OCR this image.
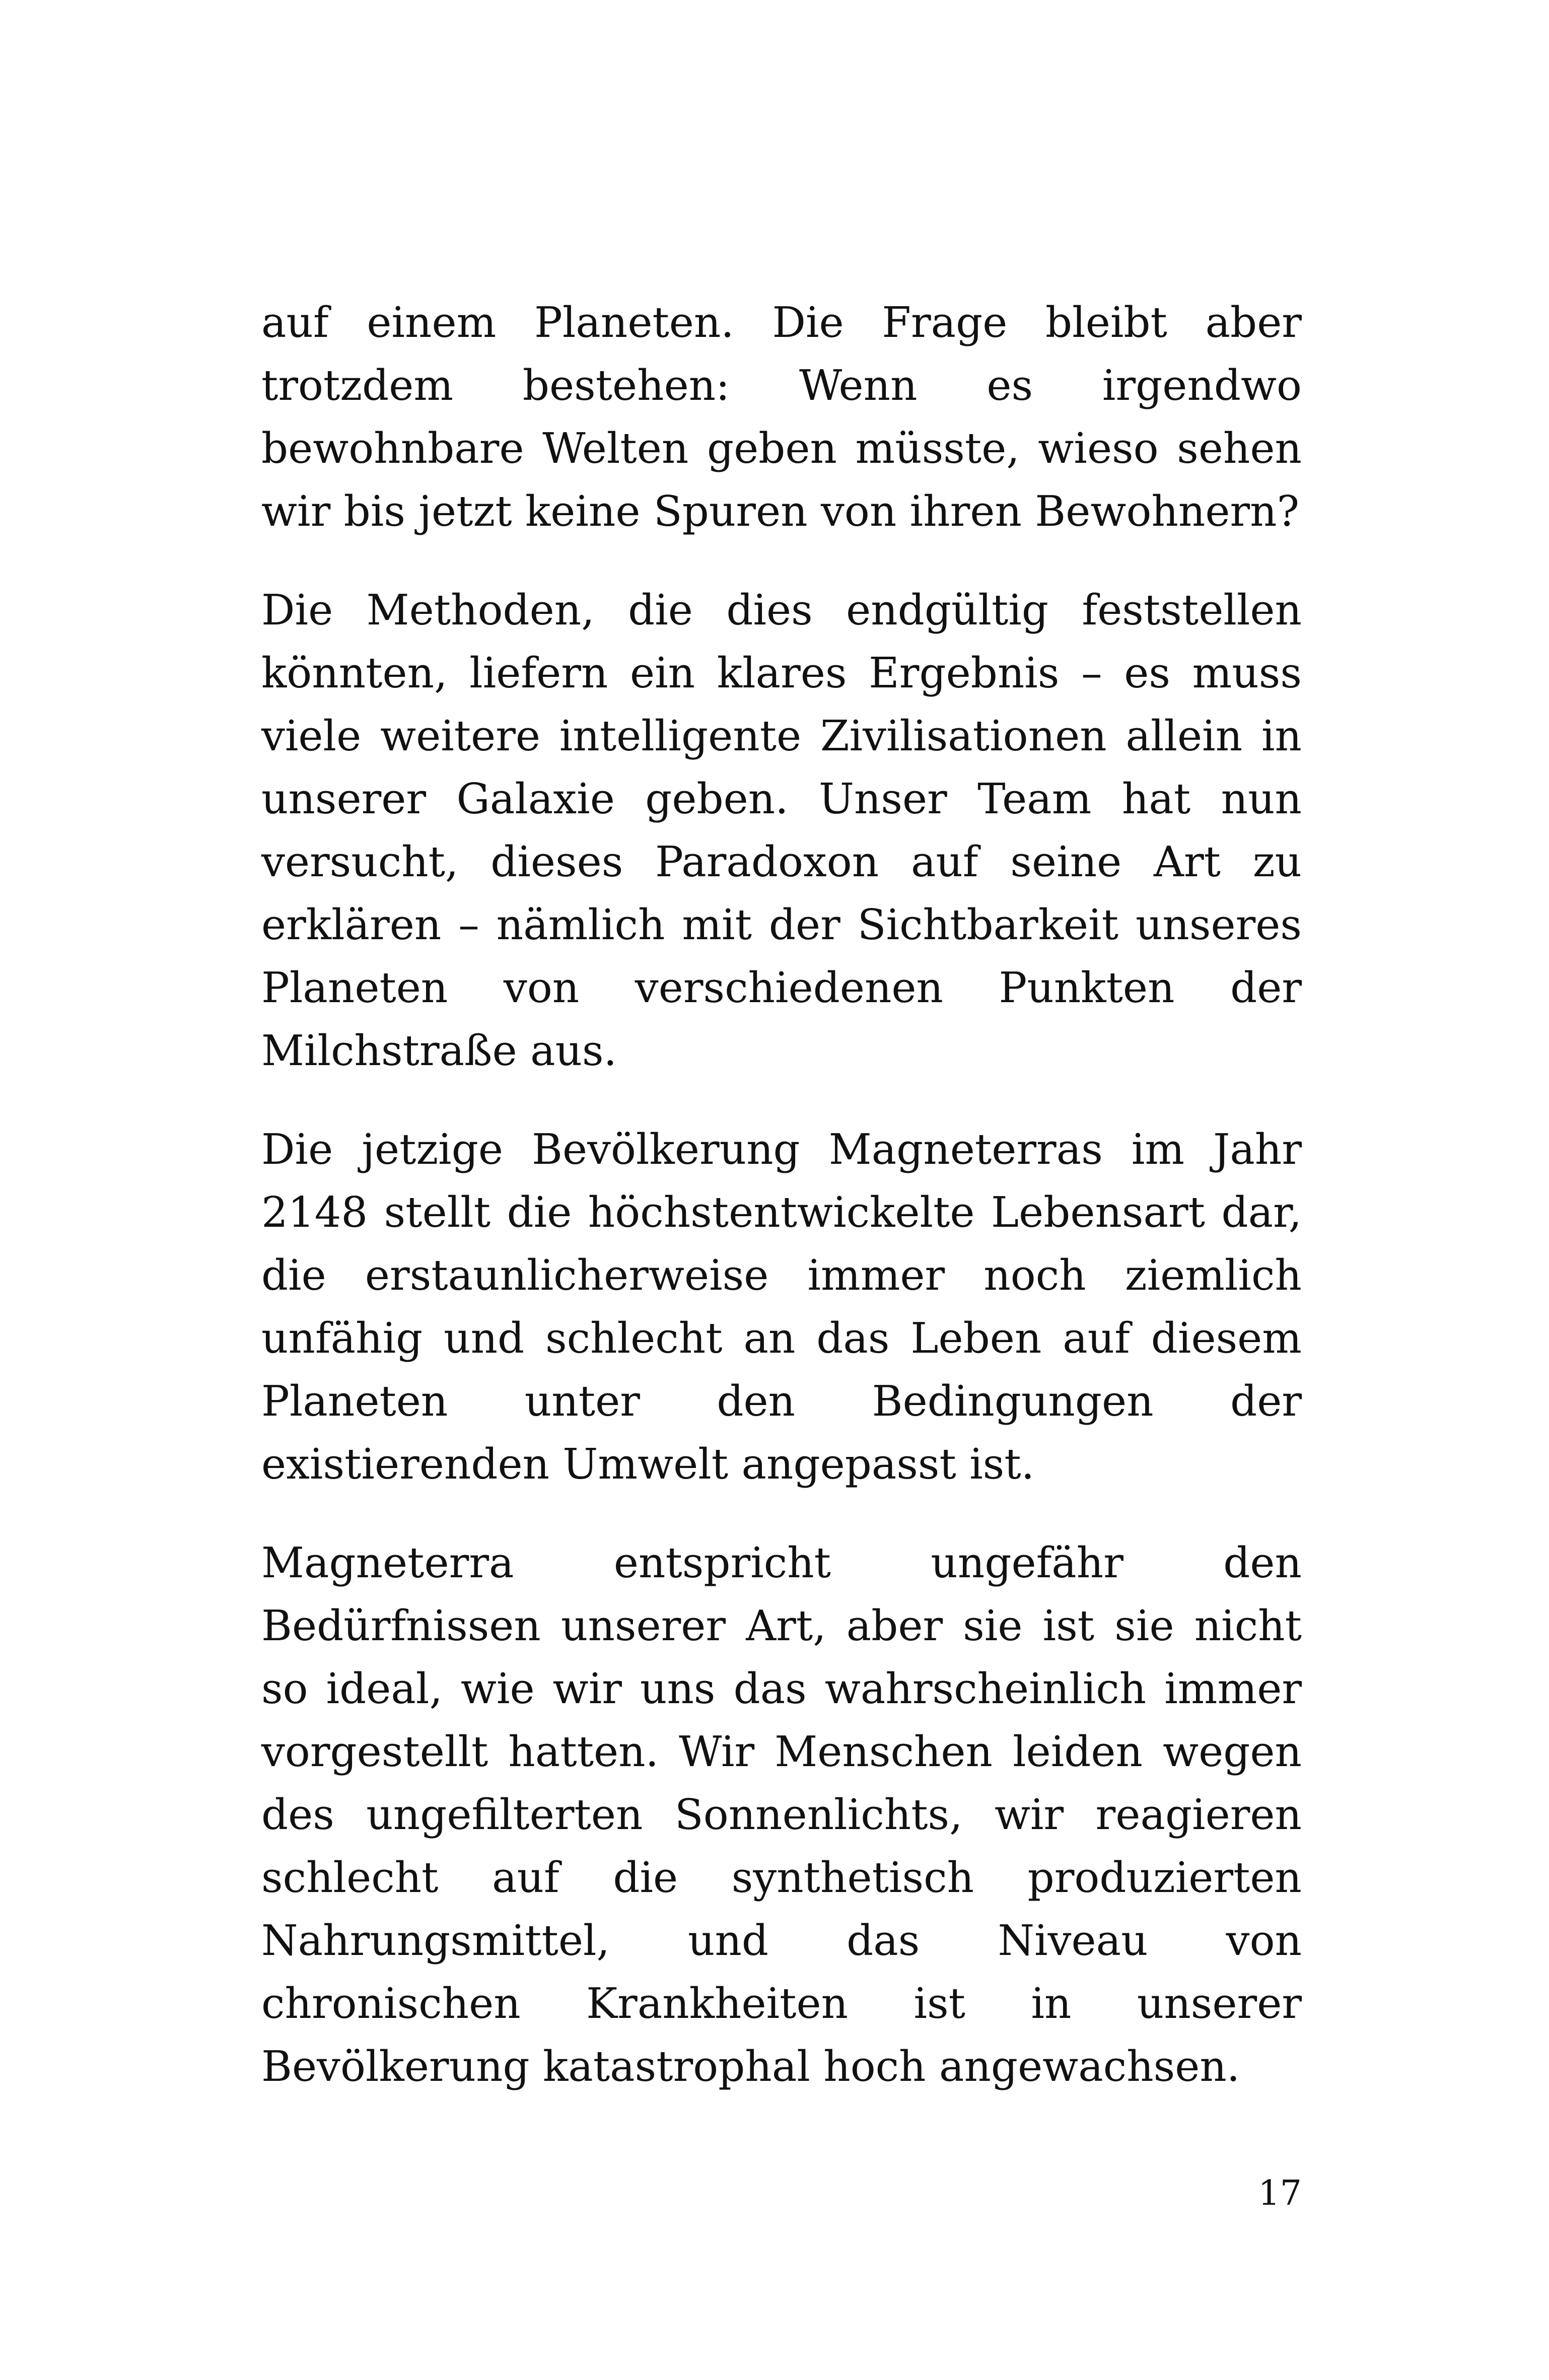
auf einem Planeten. Die Frage bleibt aber trotzdem bestehen: Wenn es irgendwo bewohnbare Welten geben müsste, wieso sehen wir bis jetzt keine Spuren von ihren Bewohnern?

Die Methoden, die dies endgültig feststellen könnten, liefern ein klares Ergebnis – es muss viele weitere intelligente Zivilisationen allein in unserer Galaxie geben. Unser Team hat nun versucht, dieses Paradoxon auf seine Art zu erklären – nämlich mit der Sichtbarkeit unseres Planeten von verschiedenen Punkten der Milchstraße aus.

Die jetzige Bevölkerung Magneterras im Jahr 2148 stellt die höchstentwickelte Lebensart dar, die erstaunlicherweise immer noch ziemlich unfähig und schlecht an das Leben auf diesem Planeten unter den Bedingungen der existierenden Umwelt angepasst ist.

Magneterra entspricht ungefähr den Bedürfnissen unserer Art, aber sie ist sie nicht so ideal, wie wir uns das wahrscheinlich immer vorgestellt hatten. Wir Menschen leiden wegen des ungefilterten Sonnenlichts, wir reagieren schlecht auf die synthetisch produzierten Nahrungsmittel, und das Niveau von chronischen Krankheiten ist in unserer Bevölkerung katastrophal hoch angewachsen.

17
